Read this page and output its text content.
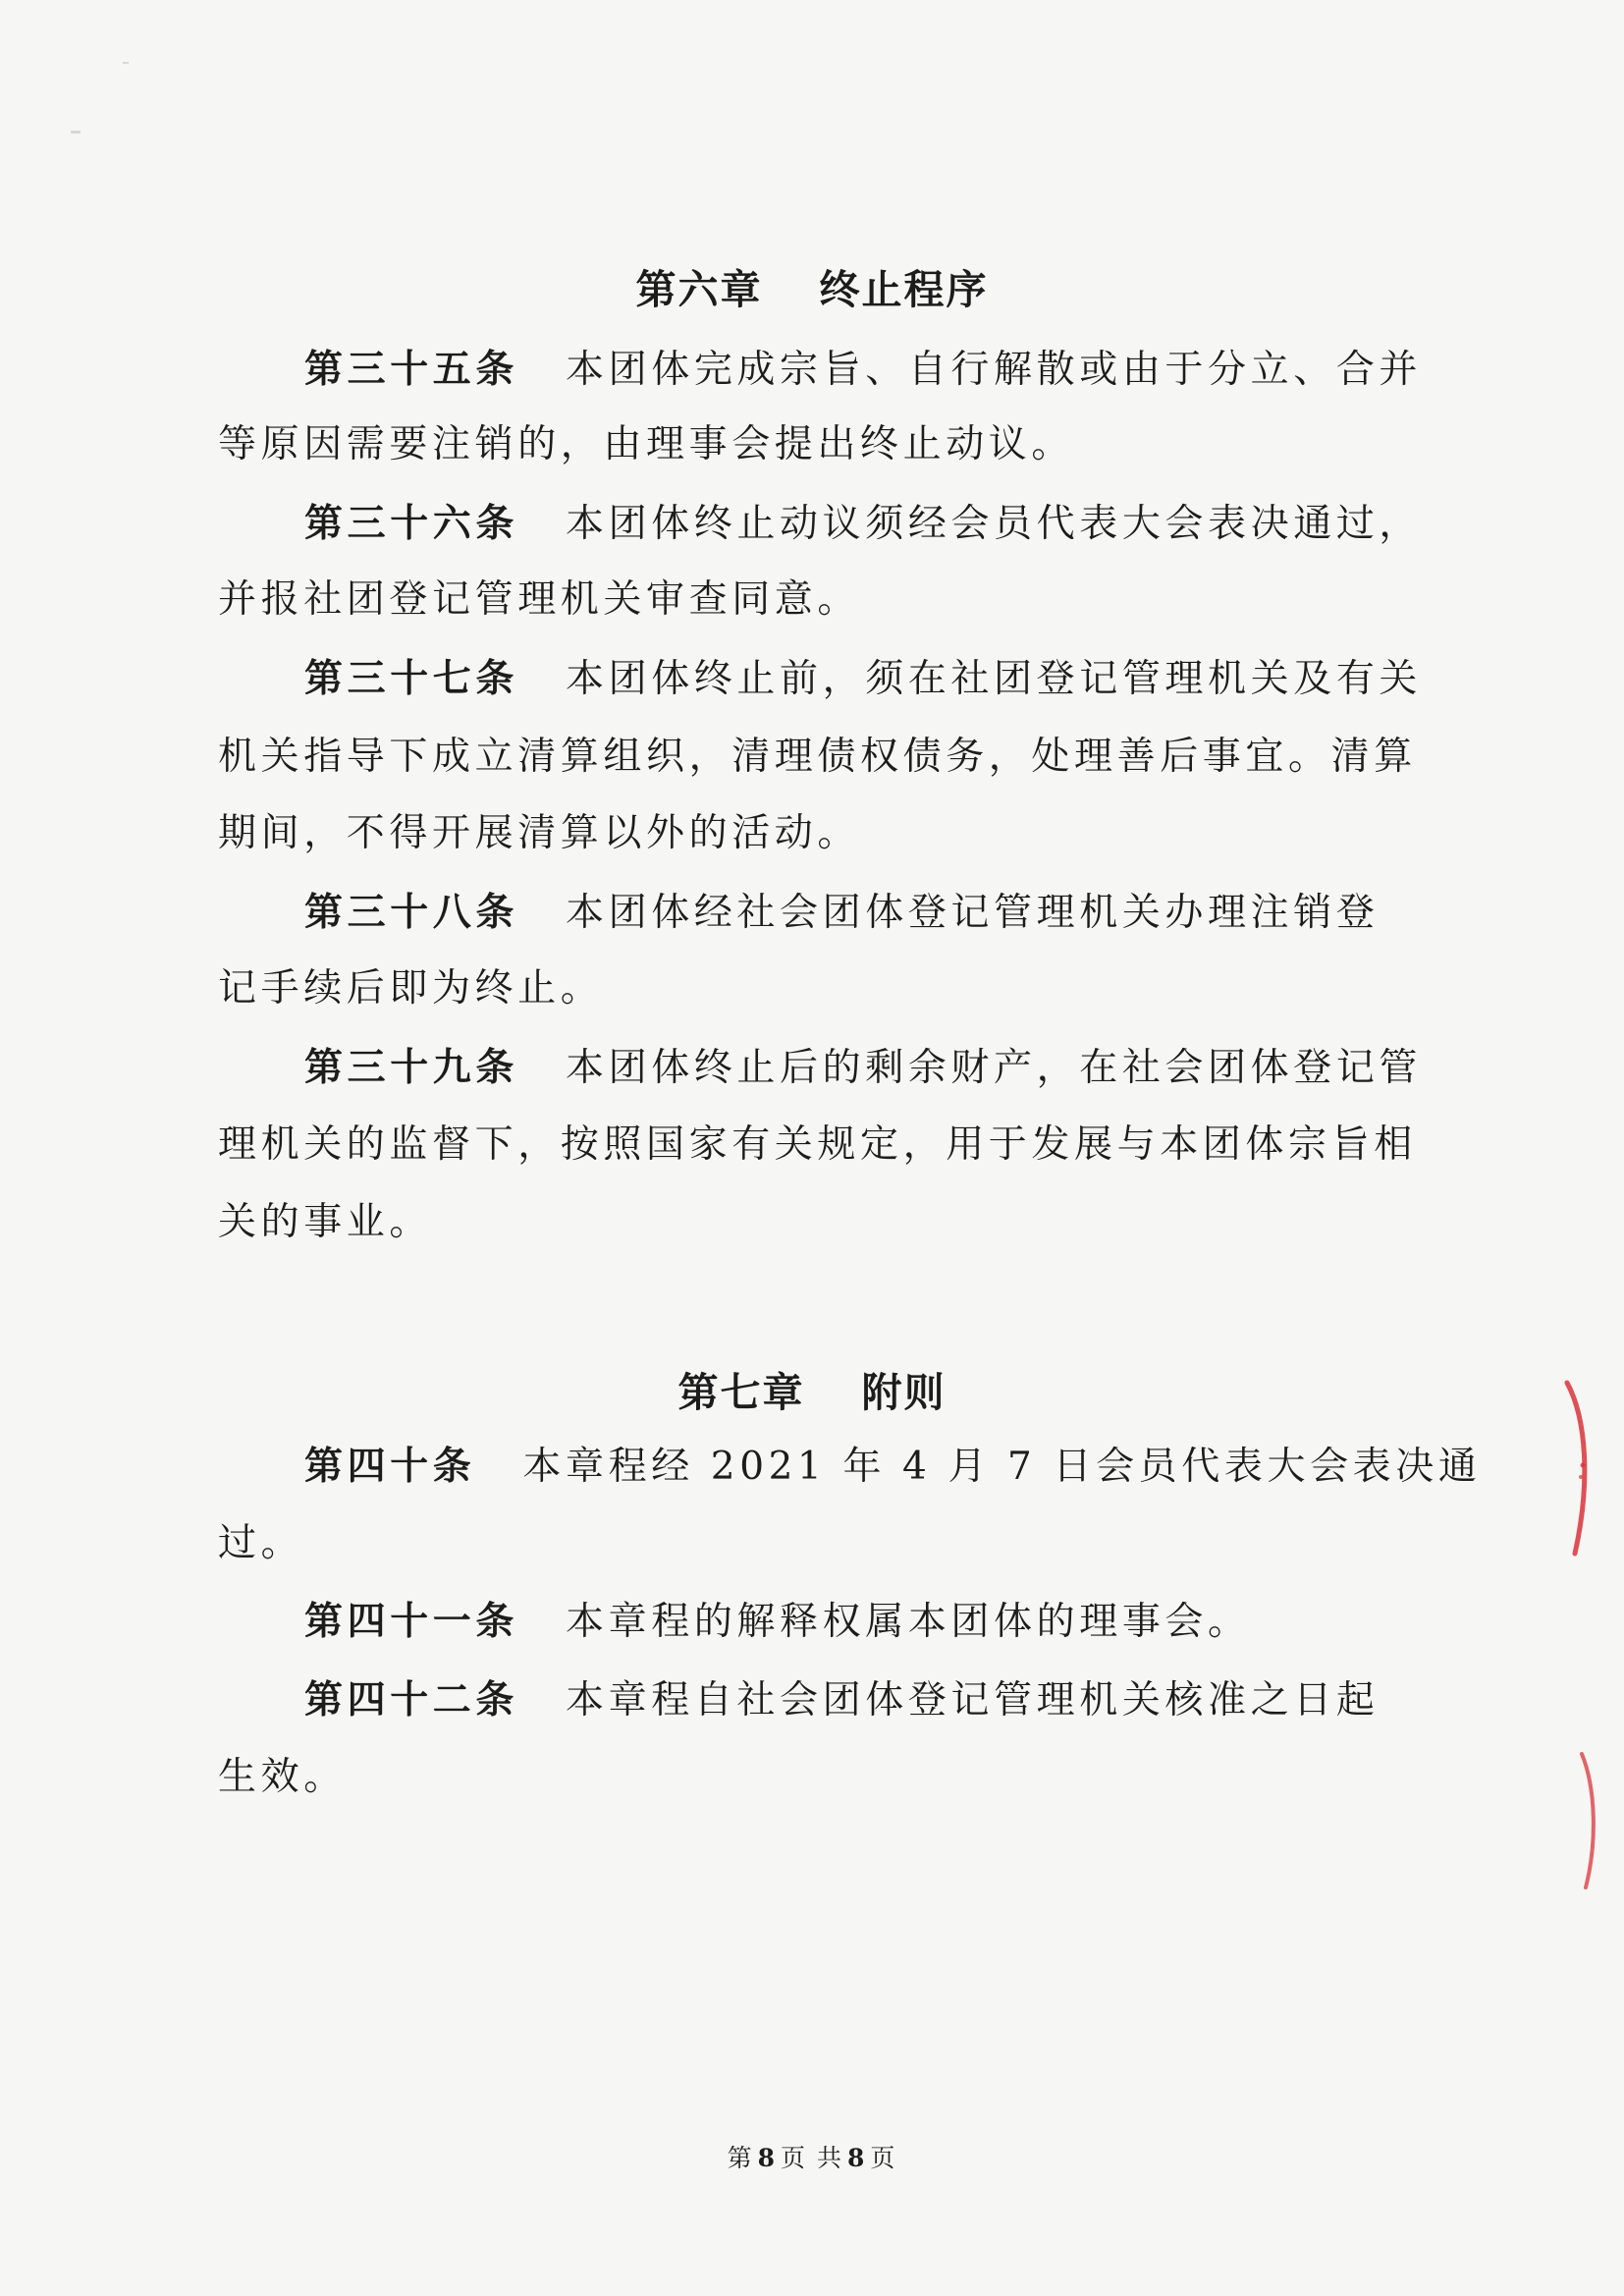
第六章 终止程序

第三十五条 本团体完成宗旨、自行解散或由于分立、合并

等原因需要注销的，由理事会提出终止动议。

第三十六条 本团体终止动议须经会员代表大会表决通过，

并报社团登记管理机关审查同意。

第三十七条 本团体终止前，须在社团登记管理机关及有关

机关指导下成立清算组织，清理债权债务，处理善后事宜。清算

期间，不得开展清算以外的活动。

第三十八条 本团体经社会团体登记管理机关办理注销登

记手续后即为终止。

第三十九条 本团体终止后的剩余财产，在社会团体登记管

理机关的监督下，按照国家有关规定，用于发展与本团体宗旨相

关的事业。

第七章 附则

第四十条 本章程经 2021 年 4 月 7 日会员代表大会表决通

过。

第四十一条 本章程的解释权属本团体的理事会。

第四十二条 本章程自社会团体登记管理机关核准之日起

生效。

第 8 页 共 8 页
